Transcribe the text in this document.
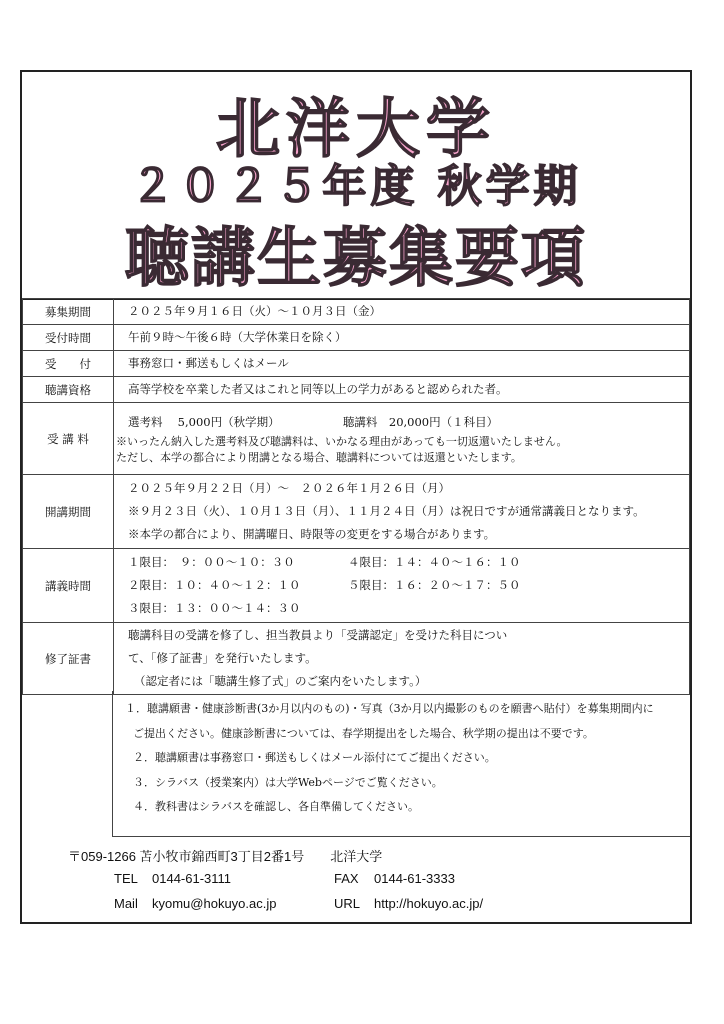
北洋大学
２０２５年度 秋学期
聴講生募集要項
募集期間	２０２５年９月１６日（火）～１０月３日（金）

受付時間	午前９時～午後６時（大学休業日を除く）

受　　付	事務窓口・郵送もしくはメール

聴講資格	高等学校を卒業した者又はこれと同等以上の学力があると認められた者。

受 講 料	選考料　 5,000円（秋学期） 聴講料　20,000円（１科目）
※いったん納入した選考料及び聴講料は、いかなる理由があっても一切返還いたしません。
ただし、本学の都合により閉講となる場合、聴講料については返還といたします。

開講期間	２０２５年９月２２日（月）～　２０２６年１月２６日（月）
※９月２３日（火）、１０月１３日（月）、１１月２４日（月）は祝日ですが通常講義日となります。
※本学の都合により、開講曜日、時限等の変更をする場合があります。

講義時間	１限目：　９：００～１０：３０ ４限目：１４：４０～１６：１０
２限目：１０：４０～１２：１０ ５限目：１６：２０～１７：５０
３限目：１３：００～１４：３０

修了証書	聴講科目の受講を修了し、担当教員より「受講認定」を受けた科目につい
て、「修了証書」を発行いたします。
（認定者には「聴講生修了式」のご案内をいたします。）
１．聴講願書・健康診断書(3か月以内のもの)・写真（3か月以内撮影のものを願書へ貼付）を募集期間内に
ご提出ください。健康診断書については、春学期提出をした場合、秋学期の提出は不要です。
２．聴講願書は事務窓口・郵送もしくはメール添付にてご提出ください。
３．シラバス（授業案内）は大学Webページでご覧ください。
４．教科書はシラバスを確認し、各自準備してください。
〒059-1266 苫小牧市錦西町3丁目2番1号　　北洋大学
TEL 0144-61-3111	FAX 0144-61-3333
Mail kyomu@hokuyo.ac.jp	URL http://hokuyo.ac.jp/
